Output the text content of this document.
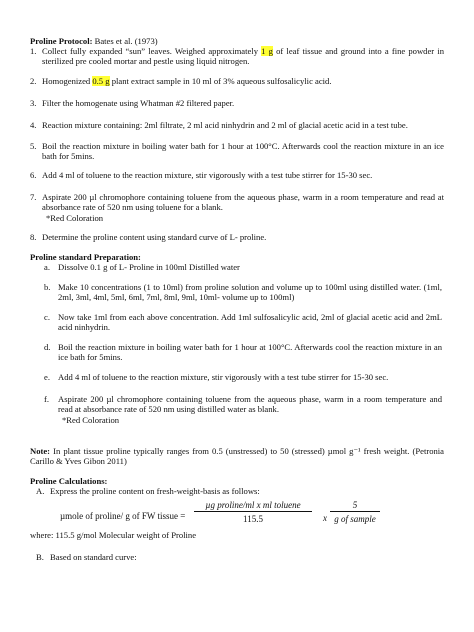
Proline Protocol: Bates et al. (1973)
1. Collect fully expanded “sun” leaves. Weighed approximately 1 g of leaf tissue and ground into a fine powder in sterilized pre cooled mortar and pestle using liquid nitrogen.
2. Homogenized 0.5 g plant extract sample in 10 ml of 3% aqueous sulfosalicylic acid.
3. Filter the homogenate using Whatman #2 filtered paper.
4. Reaction mixture containing: 2ml filtrate, 2 ml acid ninhydrin and 2 ml of glacial acetic acid in a test tube.
5. Boil the reaction mixture in boiling water bath for 1 hour at 100°C. Afterwards cool the reaction mixture in an ice bath for 5mins.
6. Add 4 ml of toluene to the reaction mixture, stir vigorously with a test tube stirrer for 15-30 sec.
7. Aspirate 200 µl chromophore containing toluene from the aqueous phase, warm in a room temperature and read at absorbance rate of 520 nm using toluene for a blank.
*Red Coloration
8. Determine the proline content using standard curve of L- proline.
Proline standard Preparation:
a. Dissolve 0.1 g of L- Proline in 100ml Distilled water
b. Make 10 concentrations (1 to 10ml) from proline solution and volume up to 100ml using distilled water. (1ml, 2ml, 3ml, 4ml, 5ml, 6ml, 7ml, 8ml, 9ml, 10ml- volume up to 100ml)
c. Now take 1ml from each above concentration. Add 1ml sulfosalicylic acid, 2ml of glacial acetic acid and 2mL acid ninhydrin.
d. Boil the reaction mixture in boiling water bath for 1 hour at 100°C. Afterwards cool the reaction mixture in an ice bath for 5mins.
e. Add 4 ml of toluene to the reaction mixture, stir vigorously with a test tube stirrer for 15-30 sec.
f. Aspirate 200 µl chromophore containing toluene from the aqueous phase, warm in a room temperature and read at absorbance rate of 520 nm using distilled water as blank.
*Red Coloration
Note: In plant tissue proline typically ranges from 0.5 (unstressed) to 50 (stressed) µmol g⁻¹ fresh weight. (Petronia Carillo & Yves Gibon 2011)
Proline Calculations:
A. Express the proline content on fresh-weight-basis as follows:
µmole of proline/ g of FW tissue =
µg proline/ml x ml toluene
115.5	x
5
g of sample
where: 115.5 g/mol Molecular weight of Proline
B. Based on standard curve:
